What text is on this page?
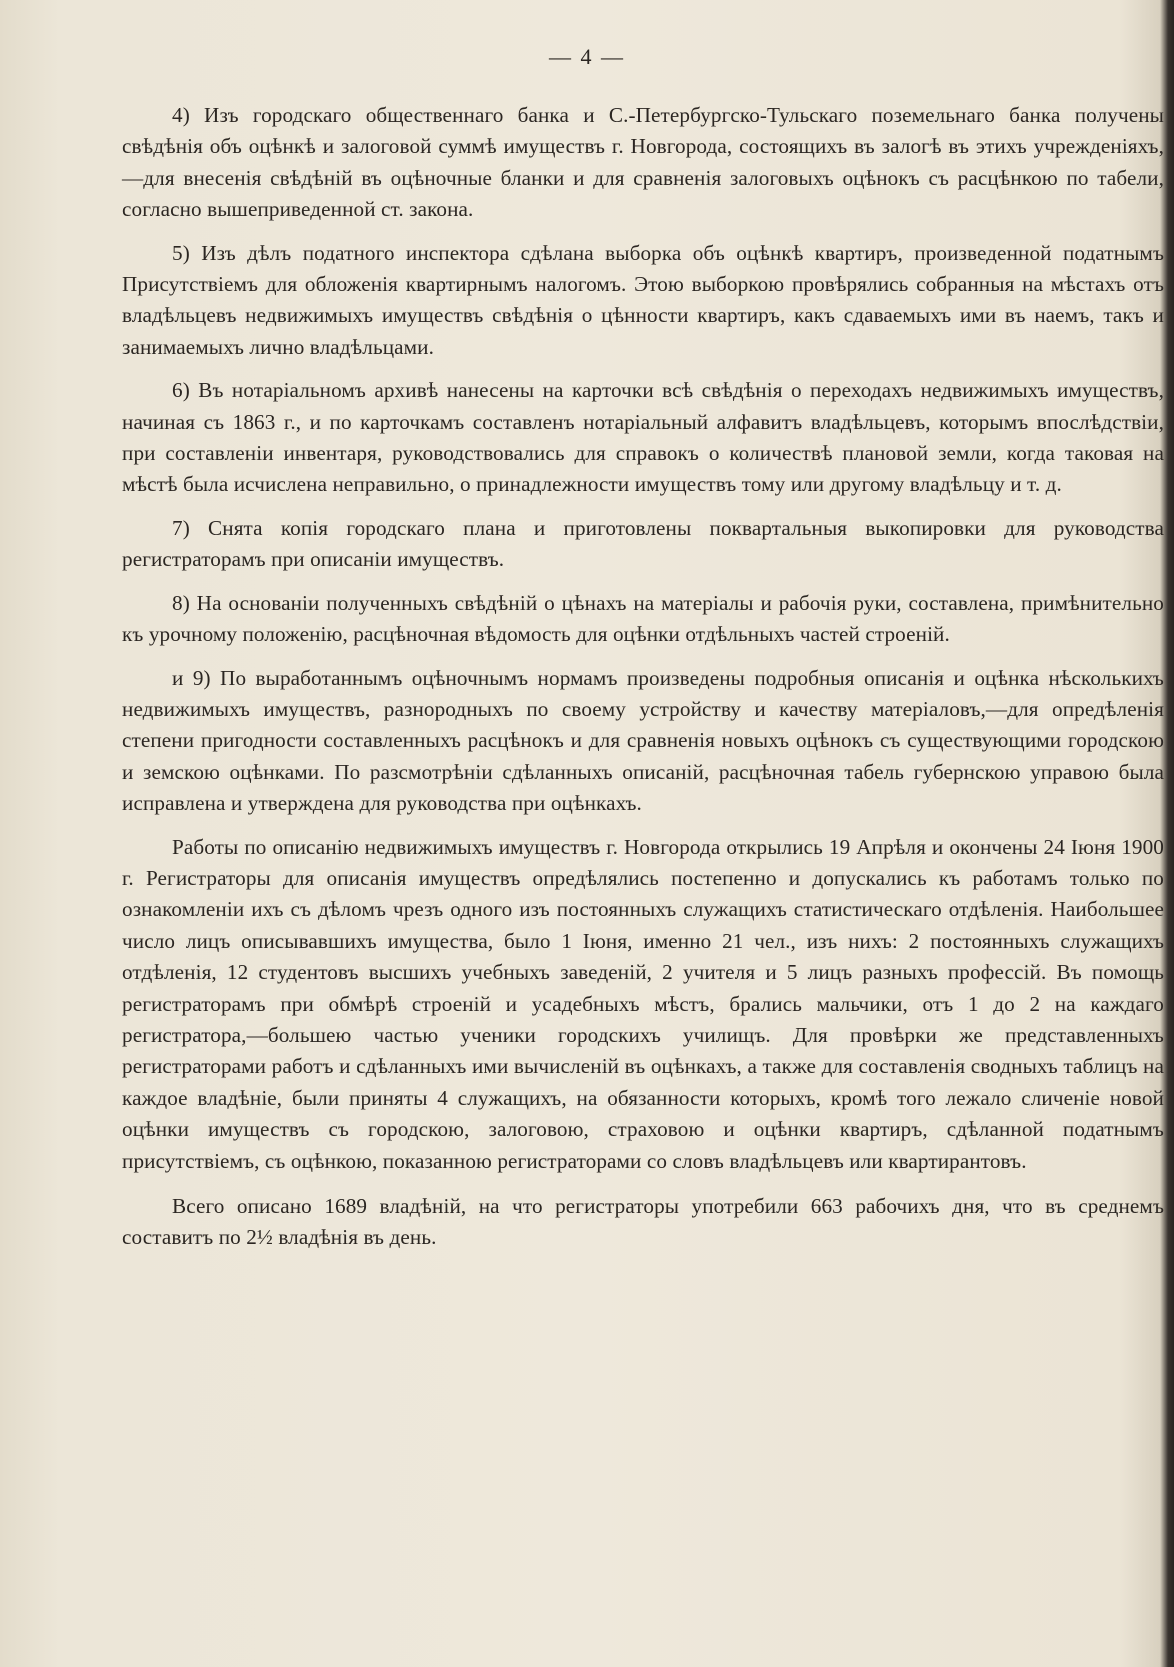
— 4 —

4) Изъ городскаго общественнаго банка и С.-Петербургско-Тульскаго поземельнаго банка получены свѣдѣнія объ оцѣнкѣ и залоговой суммѣ имуществъ г. Новгорода, состоящихъ въ залогѣ въ этихъ учрежденіяхъ,—для внесенія свѣдѣній въ оцѣночные бланки и для сравненія залоговыхъ оцѣнокъ съ расцѣнкою по табели, согласно вышеприведенной ст. закона.

5) Изъ дѣлъ податного инспектора сдѣлана выборка объ оцѣнкѣ квартиръ, произведенной податнымъ Присутствіемъ для обложенія квартирнымъ налогомъ. Этою выборкою провѣрялись собранныя на мѣстахъ отъ владѣльцевъ недвижимыхъ имуществъ свѣдѣнія о цѣнности квартиръ, какъ сдаваемыхъ ими въ наемъ, такъ и занимаемыхъ лично владѣльцами.

6) Въ нотаріальномъ архивѣ нанесены на карточки всѣ свѣдѣнія о переходахъ недвижимыхъ имуществъ, начиная съ 1863 г., и по карточкамъ составленъ нотаріальный алфавитъ владѣльцевъ, которымъ впослѣдствіи, при составленіи инвентаря, руководствовались для справокъ о количествѣ плановой земли, когда таковая на мѣстѣ была исчислена неправильно, о принадлежности имуществъ тому или другому владѣльцу и т. д.

7) Снята копія городскаго плана и приготовлены поквартальныя выкопировки для руководства регистраторамъ при описаніи имуществъ.

8) На основаніи полученныхъ свѣдѣній о цѣнахъ на матеріалы и рабочія руки, составлена, примѣнительно къ урочному положенію, расцѣночная вѣдомость для оцѣнки отдѣльныхъ частей строеній.

и 9) По выработаннымъ оцѣночнымъ нормамъ произведены подробныя описанія и оцѣнка нѣсколькихъ недвижимыхъ имуществъ, разнородныхъ по своему устройству и качеству матеріаловъ,—для опредѣленія степени пригодности составленныхъ расцѣнокъ и для сравненія новыхъ оцѣнокъ съ существующими городскою и земскою оцѣнками. По разсмотрѣніи сдѣланныхъ описаній, расцѣночная табель губернскою управою была исправлена и утверждена для руководства при оцѣнкахъ.

Работы по описанію недвижимыхъ имуществъ г. Новгорода открылись 19 Апрѣля и окончены 24 Іюня 1900 г. Регистраторы для описанія имуществъ опредѣлялись постепенно и допускались къ работамъ только по ознакомленіи ихъ съ дѣломъ чрезъ одного изъ постоянныхъ служащихъ статистическаго отдѣленія. Наибольшее число лицъ описывавшихъ имущества, было 1 Іюня, именно 21 чел., изъ нихъ: 2 постоянныхъ служащихъ отдѣленія, 12 студентовъ высшихъ учебныхъ заведеній, 2 учителя и 5 лицъ разныхъ профессій. Въ помощь регистраторамъ при обмѣрѣ строеній и усадебныхъ мѣстъ, брались мальчики, отъ 1 до 2 на каждаго регистратора,—большею частью ученики городскихъ училищъ. Для провѣрки же представленныхъ регистраторами работъ и сдѣланныхъ ими вычисленій въ оцѣнкахъ, а также для составленія сводныхъ таблицъ на каждое владѣніе, были приняты 4 служащихъ, на обязанности которыхъ, кромѣ того лежало сличеніе новой оцѣнки имуществъ съ городскою, залоговою, страховою и оцѣнки квартиръ, сдѣланной податнымъ присутствіемъ, съ оцѣнкою, показанною регистраторами со словъ владѣльцевъ или квартирантовъ.

Всего описано 1689 владѣній, на что регистраторы употребили 663 рабочихъ дня, что въ среднемъ составитъ по 2½ владѣнія въ день.
